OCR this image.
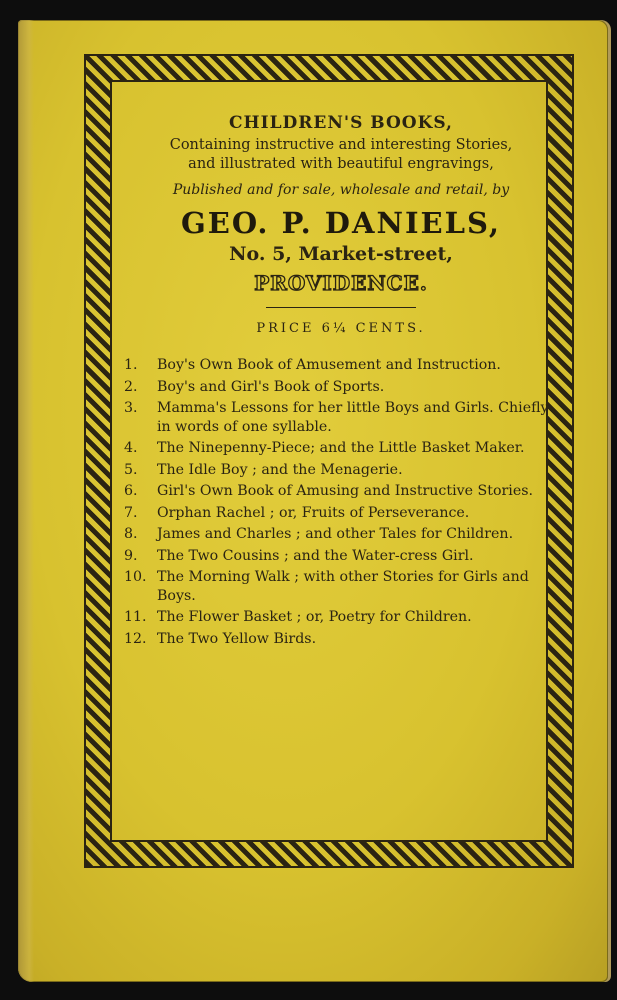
CHILDREN'S BOOKS,

Containing instructive and interesting Stories,

and illustrated with beautiful engravings,

Published and for sale, wholesale and retail, by

GEO. P. DANIELS,

No. 5, Market-street,

PROVIDENCE.

PRICE 6¼ CENTS.

1. Boy's Own Book of Amusement and Instruction.
2. Boy's and Girl's Book of Sports.
3. Mamma's Lessons for her little Boys and Girls. Chiefly in words of one syllable.
4. The Ninepenny-Piece; and the Little Basket Maker.
5. The Idle Boy ; and the Menagerie.
6. Girl's Own Book of Amusing and Instructive Stories.
7. Orphan Rachel ; or, Fruits of Perseverance.
8. James and Charles ; and other Tales for Children.
9. The Two Cousins ; and the Water-cress Girl.
10. The Morning Walk ; with other Stories for Girls and Boys.
11. The Flower Basket ; or, Poetry for Children.
12. The Two Yellow Birds.
